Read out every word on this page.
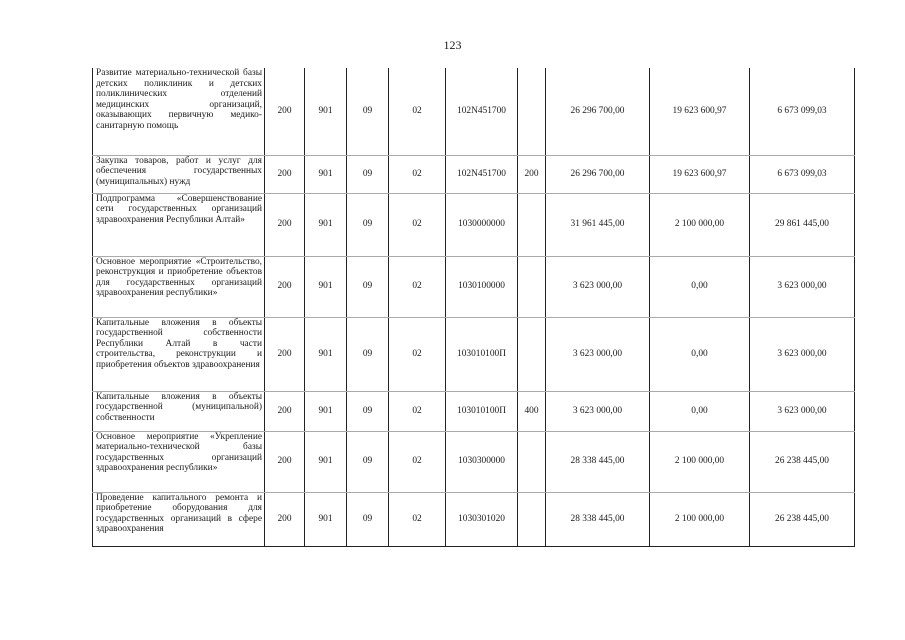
123
Развитие материально-технической базы детских поликлиник и детских поликлинических отделений медицинских организаций, оказывающих первичную медико-санитарную помощь	200	901	09	02	102N451700		26 296 700,00	19 623 600,97	6 673 099,03
Закупка товаров, работ и услуг для обеспечения государственных (муниципальных) нужд	200	901	09	02	102N451700	200	26 296 700,00	19 623 600,97	6 673 099,03
Подпрограмма «Совершенствование сети государственных организаций здравоохранения Республики Алтай»	200	901	09	02	1030000000		31 961 445,00	2 100 000,00	29 861 445,00
Основное мероприятие «Строительство, реконструкция и приобретение объектов для государственных организаций здравоохранения республики»	200	901	09	02	1030100000		3 623 000,00	0,00	3 623 000,00
Капитальные вложения в объекты государственной собственности Республики Алтай в части строительства, реконструкции и приобретения объектов здравоохранения	200	901	09	02	103010100П		3 623 000,00	0,00	3 623 000,00
Капитальные вложения в объекты государственной (муниципальной) собственности	200	901	09	02	103010100П	400	3 623 000,00	0,00	3 623 000,00
Основное мероприятие «Укрепление материально-технической базы государственных организаций здравоохранения республики»	200	901	09	02	1030300000		28 338 445,00	2 100 000,00	26 238 445,00
Проведение капитального ремонта и приобретение оборудования для государственных организаций в сфере здравоохранения	200	901	09	02	1030301020		28 338 445,00	2 100 000,00	26 238 445,00
